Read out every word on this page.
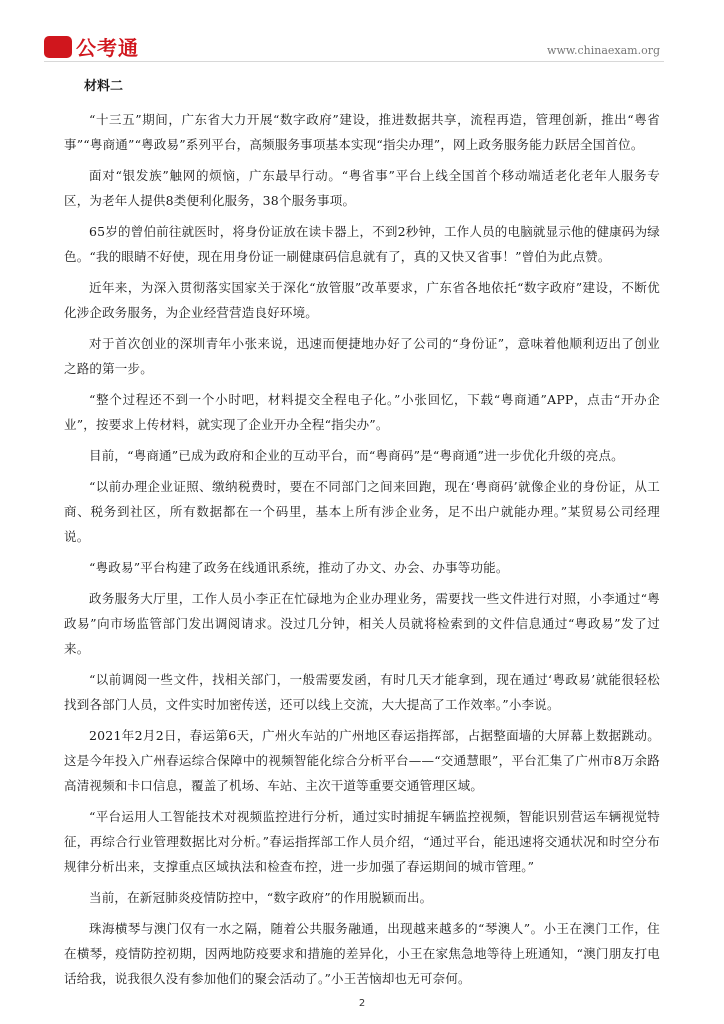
公考通	www.chinaexam.org

材料二

“十三五”期间，广东省大力开展“数字政府”建设，推进数据共享，流程再造，管理创新，推出“粤省事”“粤商通”“粤政易”系列平台，高频服务事项基本实现“指尖办理”，网上政务服务能力跃居全国首位。

面对“银发族”触网的烦恼，广东最早行动。“粤省事”平台上线全国首个移动端适老化老年人服务专区，为老年人提供8类便利化服务，38个服务事项。

65岁的曾伯前往就医时，将身份证放在读卡器上，不到2秒钟，工作人员的电脑就显示他的健康码为绿色。“我的眼睛不好使，现在用身份证一刷健康码信息就有了，真的又快又省事！”曾伯为此点赞。

近年来，为深入贯彻落实国家关于深化“放管服”改革要求，广东省各地依托“数字政府”建设，不断优化涉企政务服务，为企业经营营造良好环境。

对于首次创业的深圳青年小张来说，迅速而便捷地办好了公司的“身份证”，意味着他顺利迈出了创业之路的第一步。

“整个过程还不到一个小时吧，材料提交全程电子化。”小张回忆，下载“粤商通”APP，点击“开办企业”，按要求上传材料，就实现了企业开办全程“指尖办”。

目前，“粤商通”已成为政府和企业的互动平台，而“粤商码”是“粤商通”进一步优化升级的亮点。

“以前办理企业证照、缴纳税费时，要在不同部门之间来回跑，现在‘粤商码’就像企业的身份证，从工商、税务到社区，所有数据都在一个码里，基本上所有涉企业务，足不出户就能办理。”某贸易公司经理说。

“粤政易”平台构建了政务在线通讯系统，推动了办文、办会、办事等功能。

政务服务大厅里，工作人员小李正在忙碌地为企业办理业务，需要找一些文件进行对照，小李通过“粤政易”向市场监管部门发出调阅请求。没过几分钟，相关人员就将检索到的文件信息通过“粤政易”发了过来。

“以前调阅一些文件，找相关部门，一般需要发函，有时几天才能拿到，现在通过‘粤政易’就能很轻松找到各部门人员，文件实时加密传送，还可以线上交流，大大提高了工作效率。”小李说。

2021年2月2日，春运第6天，广州火车站的广州地区春运指挥部，占据整面墙的大屏幕上数据跳动。这是今年投入广州春运综合保障中的视频智能化综合分析平台——“交通慧眼”，平台汇集了广州市8万余路高清视频和卡口信息，覆盖了机场、车站、主次干道等重要交通管理区域。

“平台运用人工智能技术对视频监控进行分析，通过实时捕捉车辆监控视频，智能识别营运车辆视觉特征，再综合行业管理数据比对分析。”春运指挥部工作人员介绍，“通过平台，能迅速将交通状况和时空分布规律分析出来，支撑重点区域执法和检查布控，进一步加强了春运期间的城市管理。”

当前，在新冠肺炎疫情防控中，“数字政府”的作用脱颖而出。

珠海横琴与澳门仅有一水之隔，随着公共服务融通，出现越来越多的“琴澳人”。小王在澳门工作，住在横琴，疫情防控初期，因两地防疫要求和措施的差异化，小王在家焦急地等待上班通知，“澳门朋友打电话给我，说我很久没有参加他们的聚会活动了。”小王苦恼却也无可奈何。

2
